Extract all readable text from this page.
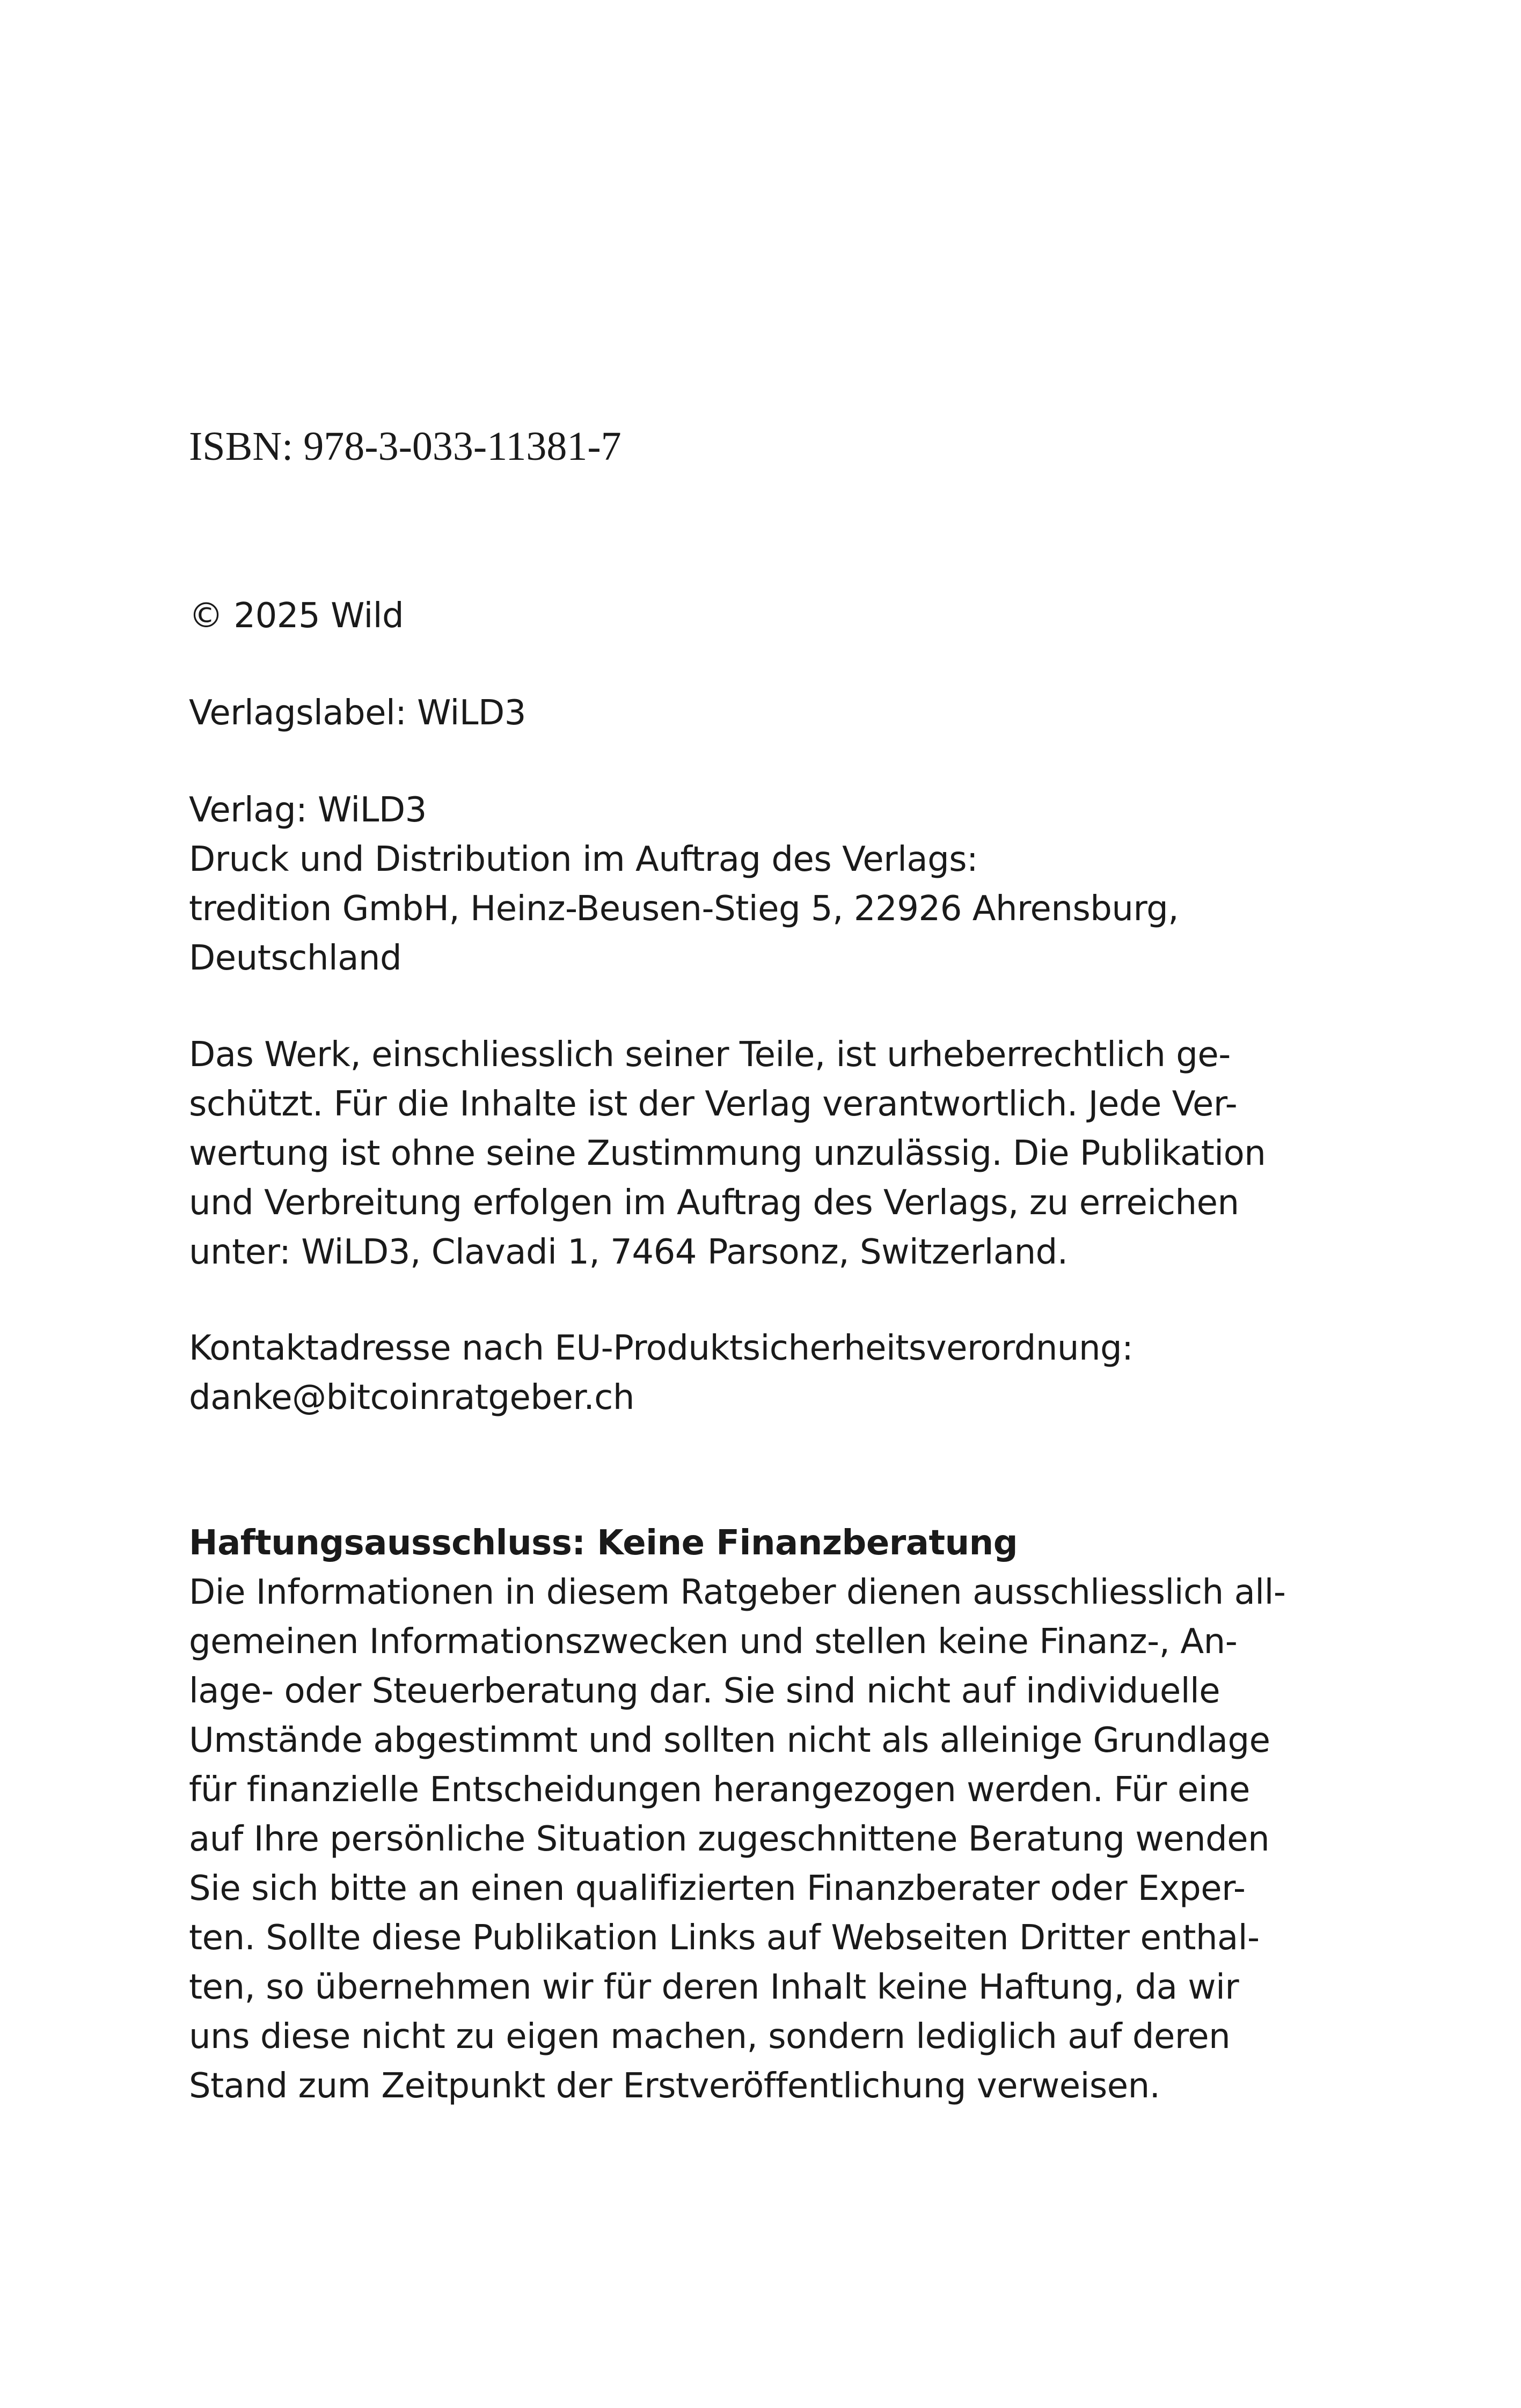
ISBN: 978-3-033-11381-7
© 2025 Wild
Verlagslabel: WiLD3
Verlag: WiLD3
Druck und Distribution im Auftrag des Verlags:
tredition GmbH, Heinz-Beusen-Stieg 5, 22926 Ahrensburg,
Deutschland
Das Werk, einschliesslich seiner Teile, ist urheberrechtlich ge-
schützt. Für die Inhalte ist der Verlag verantwortlich. Jede Ver-
wertung ist ohne seine Zustimmung unzulässig. Die Publikation
und Verbreitung erfolgen im Auftrag des Verlags, zu erreichen
unter: WiLD3, Clavadi 1, 7464 Parsonz, Switzerland.
Kontaktadresse nach EU-Produktsicherheitsverordnung:
danke@bitcoinratgeber.ch
Haftungsausschluss: Keine Finanzberatung
Die Informationen in diesem Ratgeber dienen ausschliesslich all-
gemeinen Informationszwecken und stellen keine Finanz-, An-
lage- oder Steuerberatung dar. Sie sind nicht auf individuelle
Umstände abgestimmt und sollten nicht als alleinige Grundlage
für finanzielle Entscheidungen herangezogen werden. Für eine
auf Ihre persönliche Situation zugeschnittene Beratung wenden
Sie sich bitte an einen qualifizierten Finanzberater oder Exper-
ten. Sollte diese Publikation Links auf Webseiten Dritter enthal-
ten, so übernehmen wir für deren Inhalt keine Haftung, da wir
uns diese nicht zu eigen machen, sondern lediglich auf deren
Stand zum Zeitpunkt der Erstveröffentlichung verweisen.
